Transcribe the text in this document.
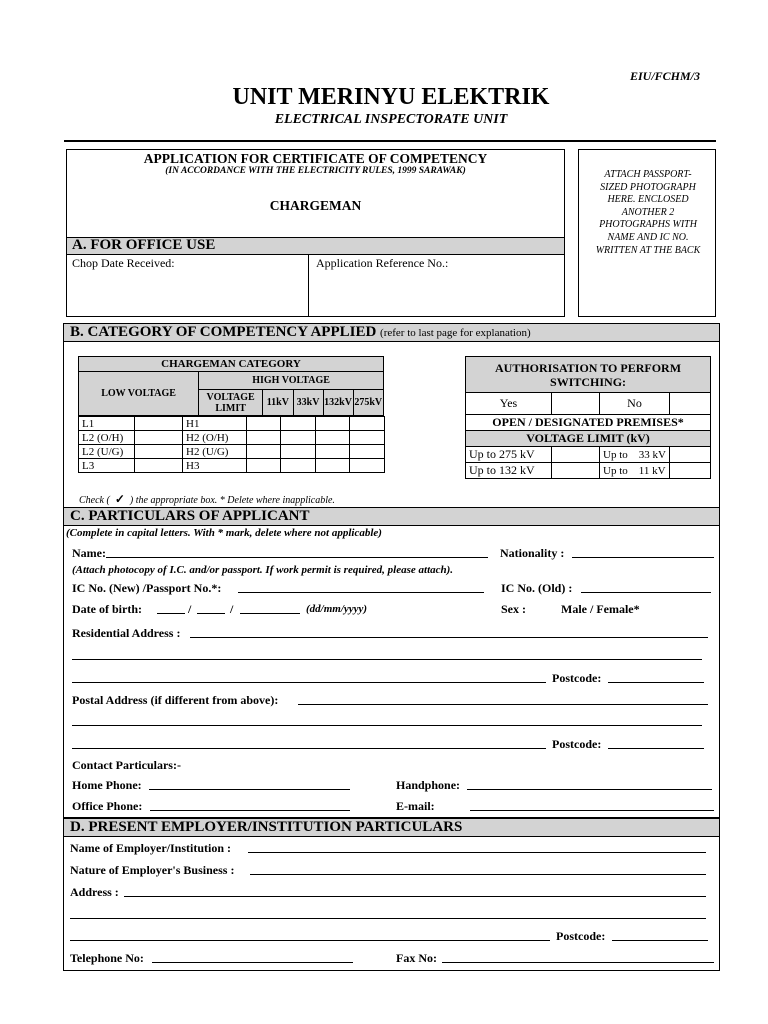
EIU/FCHM/3
UNIT MERINYU ELEKTRIK
ELECTRICAL INSPECTORATE UNIT
APPLICATION FOR CERTIFICATE OF COMPETENCY
(IN ACCORDANCE WITH THE ELECTRICITY RULES, 1999 SARAWAK)
CHARGEMAN
A. FOR OFFICE USE
Chop Date Received:	Application Reference No.:
ATTACH PASSPORT- SIZED PHOTOGRAPH HERE. ENCLOSED ANOTHER 2 PHOTOGRAPHS WITH NAME AND IC NO. WRITTEN AT THE BACK
B. CATEGORY OF COMPETENCY APPLIED (refer to last page for explanation)
CHARGEMAN CATEGORY
LOW VOLTAGE	HIGH VOLTAGE
VOLTAGE LIMIT	11kV	33kV	132kV	275kV
L1		H1				
L2 (O/H)		H2 (O/H)				
L2 (U/G)		H2 (U/G)				
L3		H3				
AUTHORISATION TO PERFORM SWITCHING:			
Yes		No	
OPEN / DESIGNATED PREMISES*			
VOLTAGE LIMIT (kV)			
Up to 275 kV		Up to    33 kV	
Up to 132 kV		Up to    11 kV	
Check ( ✓ ) the appropriate box. * Delete where inapplicable.
C. PARTICULARS OF APPLICANT
(Complete in capital letters. With * mark, delete where not applicable)
Name:	Nationality :
(Attach photocopy of I.C. and/or passport. If work permit is required, please attach).
IC No. (New) /Passport No.*:	IC No. (Old) :
Date of birth:	/	/	(dd/mm/yyyy)	Sex :	Male / Female*
Residential Address :
Postcode:
Postal Address (if different from above):
Postcode:
Contact Particulars:-
Home Phone:	Handphone:
Office Phone:	E-mail:
D. PRESENT EMPLOYER/INSTITUTION PARTICULARS
Name of Employer/Institution :
Nature of Employer's Business :
Address :
Postcode:
Telephone No:	Fax No:
